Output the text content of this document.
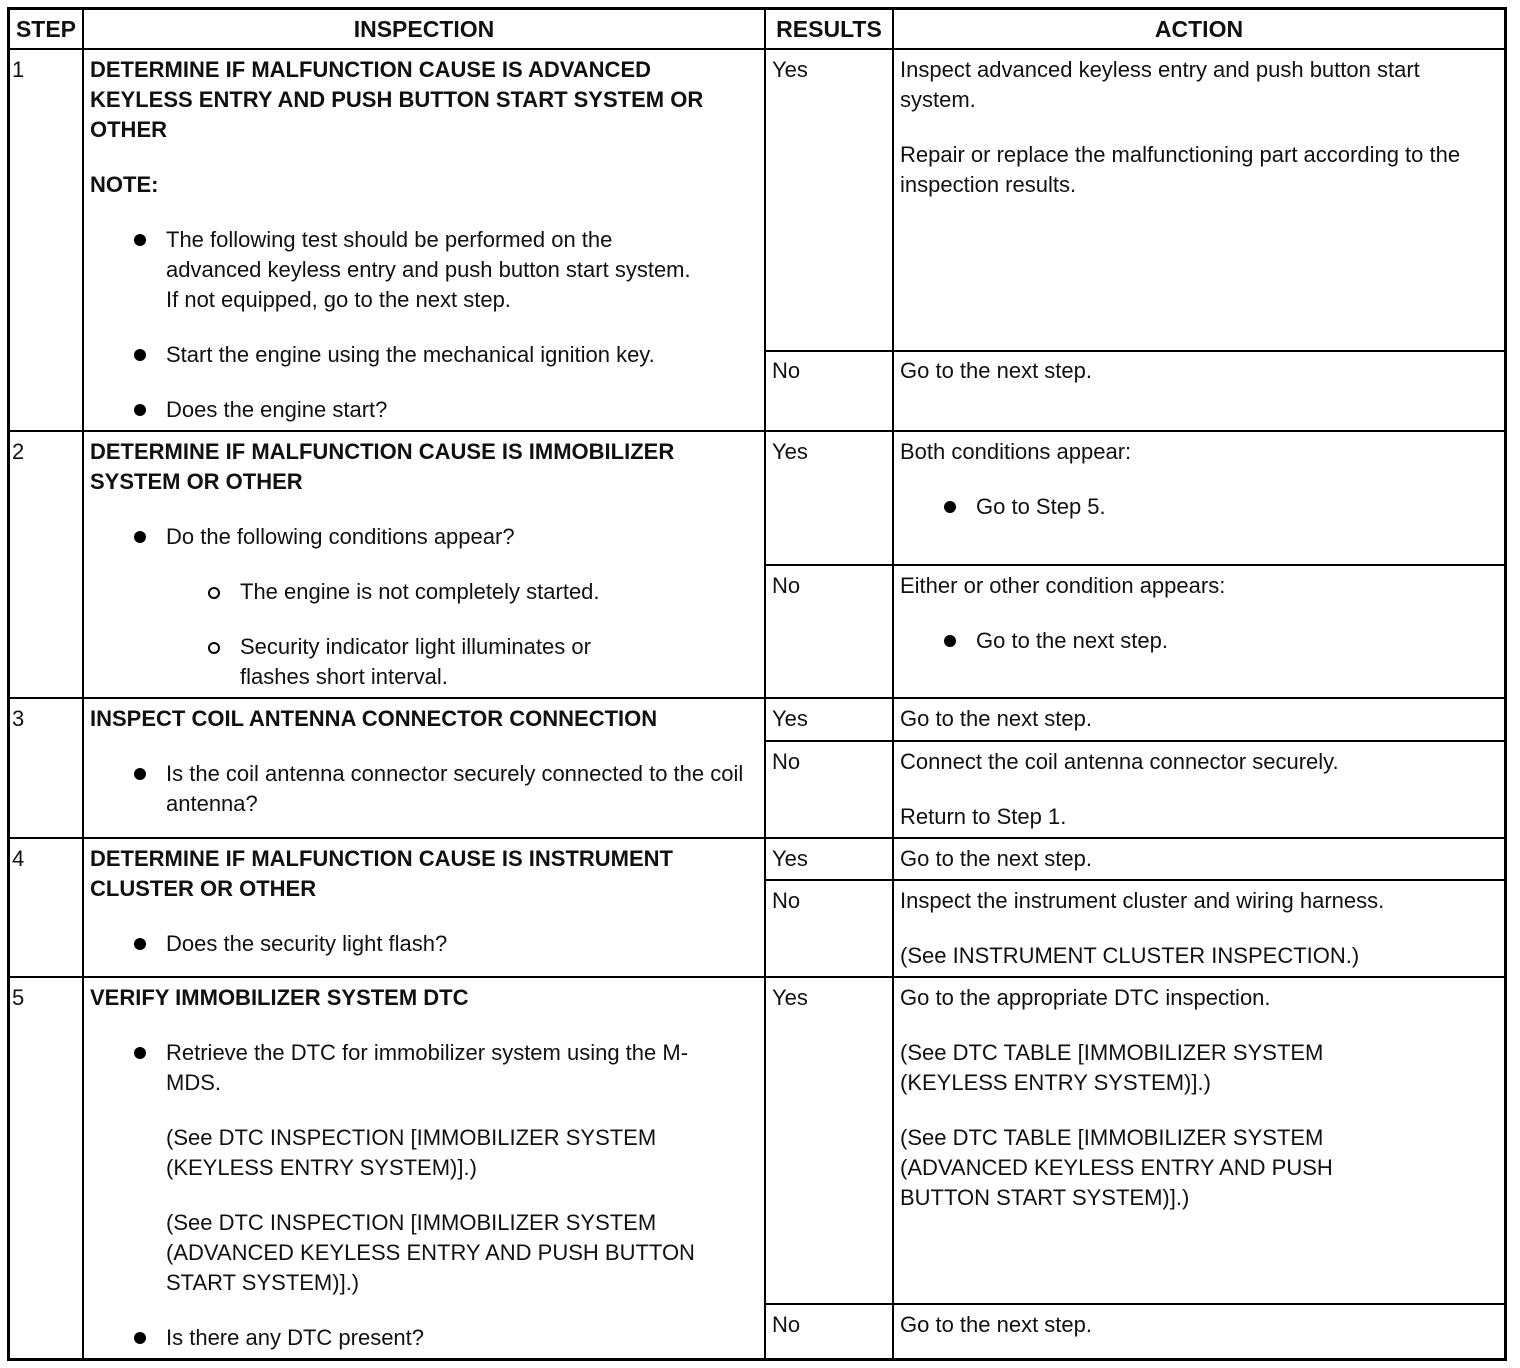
STEP	INSPECTION	RESULTS	ACTION
1	DETERMINE IF MALFUNCTION CAUSE IS ADVANCED KEYLESS ENTRY AND PUSH BUTTON START SYSTEM OR OTHER

NOTE:

The following test should be performed on the advanced keyless entry and push button start system. If not equipped, go to the next step.

Start the engine using the mechanical ignition key.

Does the engine start?

Yes	Inspect advanced keyless entry and push button start system.

Repair or replace the malfunctioning part according to the inspection results.

No	Go to the next step.
2	DETERMINE IF MALFUNCTION CAUSE IS IMMOBILIZER SYSTEM OR OTHER

Do the following conditions appear?

The engine is not completely started.

Security indicator light illuminates or flashes short interval.

Yes	Both conditions appear:

Go to Step 5.

No	Either or other condition appears:

Go to the next step.

3	INSPECT COIL ANTENNA CONNECTOR CONNECTION

Is the coil antenna connector securely connected to the coil antenna?

Yes	Go to the next step.
No	Connect the coil antenna connector securely.

Return to Step 1.

4	DETERMINE IF MALFUNCTION CAUSE IS INSTRUMENT CLUSTER OR OTHER

Does the security light flash?

Yes	Go to the next step.
No	Inspect the instrument cluster and wiring harness.

(See INSTRUMENT CLUSTER INSPECTION.)

5	VERIFY IMMOBILIZER SYSTEM DTC

Retrieve the DTC for immobilizer system using the M-MDS.

(See DTC INSPECTION [IMMOBILIZER SYSTEM (KEYLESS ENTRY SYSTEM)].)

(See DTC INSPECTION [IMMOBILIZER SYSTEM (ADVANCED KEYLESS ENTRY AND PUSH BUTTON START SYSTEM)].)

Is there any DTC present?

Yes	Go to the appropriate DTC inspection.

(See DTC TABLE [IMMOBILIZER SYSTEM (KEYLESS ENTRY SYSTEM)].)

(See DTC TABLE [IMMOBILIZER SYSTEM (ADVANCED KEYLESS ENTRY AND PUSH BUTTON START SYSTEM)].)

No	Go to the next step.
